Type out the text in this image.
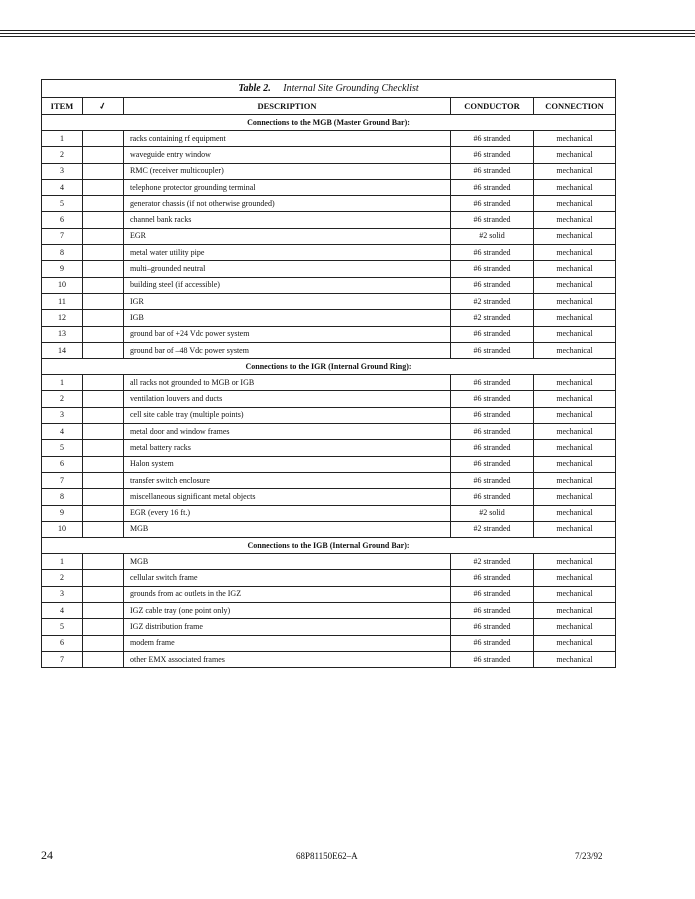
Table 2. Internal Site Grounding Checklist				
ITEM	✓	DESCRIPTION	CONDUCTOR	CONNECTION
Connections to the MGB (Master Ground Bar):				
1		racks containing rf equipment	#6 stranded	mechanical
2		waveguide entry window	#6 stranded	mechanical
3		RMC (receiver multicoupler)	#6 stranded	mechanical
4		telephone protector grounding terminal	#6 stranded	mechanical
5		generator chassis (if not otherwise grounded)	#6 stranded	mechanical
6		channel bank racks	#6 stranded	mechanical
7		EGR	#2 solid	mechanical
8		metal water utility pipe	#6 stranded	mechanical
9		multi–grounded neutral	#6 stranded	mechanical
10		building steel (if accessible)	#6 stranded	mechanical
11		IGR	#2 stranded	mechanical
12		IGB	#2 stranded	mechanical
13		ground bar of +24 Vdc power system	#6 stranded	mechanical
14		ground bar of –48 Vdc power system	#6 stranded	mechanical
Connections to the IGR (Internal Ground Ring):				
1		all racks not grounded to MGB or IGB	#6 stranded	mechanical
2		ventilation louvers and ducts	#6 stranded	mechanical
3		cell site cable tray (multiple points)	#6 stranded	mechanical
4		metal door and window frames	#6 stranded	mechanical
5		metal battery racks	#6 stranded	mechanical
6		Halon system	#6 stranded	mechanical
7		transfer switch enclosure	#6 stranded	mechanical
8		miscellaneous significant metal objects	#6 stranded	mechanical
9		EGR (every 16 ft.)	#2 solid	mechanical
10		MGB	#2 stranded	mechanical
Connections to the IGB (Internal Ground Bar):				
1		MGB	#2 stranded	mechanical
2		cellular switch frame	#6 stranded	mechanical
3		grounds from ac outlets in the IGZ	#6 stranded	mechanical
4		IGZ cable tray (one point only)	#6 stranded	mechanical
5		IGZ distribution frame	#6 stranded	mechanical
6		modem frame	#6 stranded	mechanical
7		other EMX associated frames	#6 stranded	mechanical
24	68P81150E62–A	7/23/92
